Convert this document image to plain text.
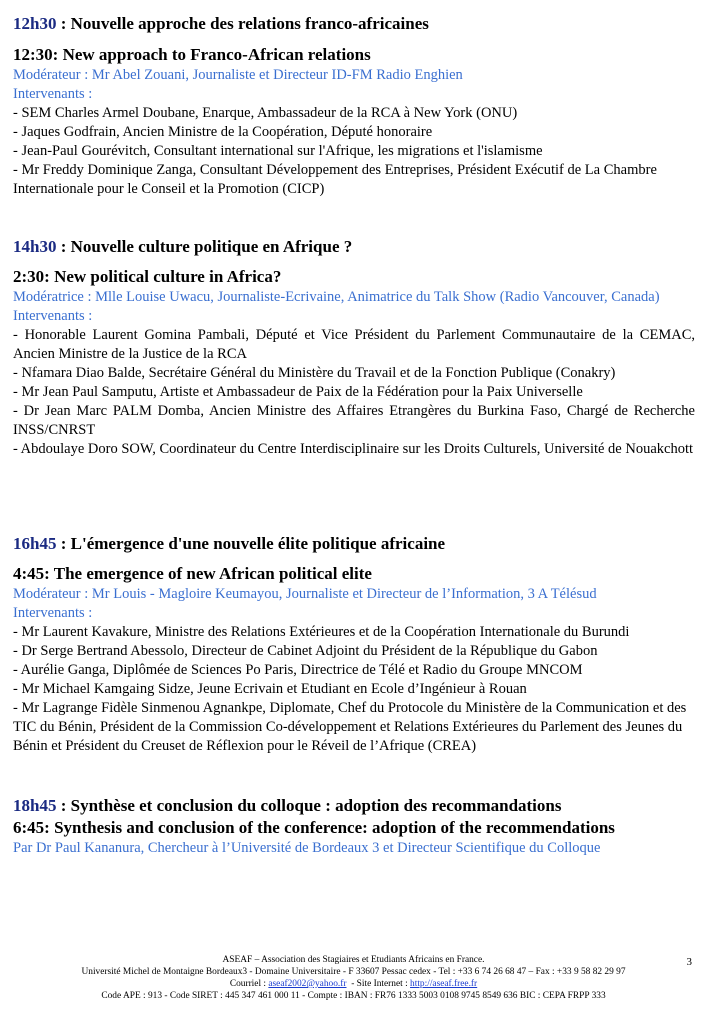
12h30 : Nouvelle approche des relations franco-africaines
12:30: New approach to Franco-African relations
Modérateur : Mr Abel Zouani, Journaliste et Directeur ID-FM Radio Enghien
Intervenants :
- SEM Charles Armel Doubane, Enarque, Ambassadeur de la RCA à New York (ONU)
- Jaques Godfrain, Ancien Ministre de la Coopération, Député honoraire
- Jean-Paul Gourévitch, Consultant international sur l'Afrique, les migrations et l'islamisme
- Mr Freddy Dominique Zanga, Consultant Développement des Entreprises, Président Exécutif de La Chambre Internationale pour le Conseil et la Promotion (CICP)
14h30 : Nouvelle culture politique en Afrique ?
2:30: New political culture in Africa?
Modératrice : Mlle Louise Uwacu, Journaliste-Ecrivaine, Animatrice du Talk Show (Radio Vancouver, Canada)
Intervenants :
- Honorable Laurent Gomina Pambali, Député et Vice Président du Parlement Communautaire de la CEMAC, Ancien Ministre de la Justice de la RCA
- Nfamara Diao Balde, Secrétaire Général du Ministère du Travail et de la Fonction Publique (Conakry)
- Mr Jean Paul Samputu, Artiste et Ambassadeur de Paix de la Fédération pour la Paix Universelle
- Dr Jean Marc PALM Domba, Ancien Ministre des Affaires Etrangères du Burkina Faso, Chargé de Recherche INSS/CNRST
- Abdoulaye Doro SOW, Coordinateur du Centre Interdisciplinaire sur les Droits Culturels, Université de Nouakchott
16h45 : L'émergence d'une nouvelle élite politique africaine
4:45: The emergence of new African political elite
Modérateur : Mr Louis - Magloire Keumayou, Journaliste et Directeur de l’Information, 3 A Télésud
Intervenants :
- Mr Laurent Kavakure, Ministre des Relations Extérieures et de la Coopération Internationale du Burundi
- Dr Serge Bertrand Abessolo, Directeur de Cabinet Adjoint du Président de la République du Gabon
- Aurélie Ganga, Diplômée de Sciences Po Paris, Directrice de Télé et Radio du Groupe MNCOM
- Mr Michael Kamgaing Sidze, Jeune Ecrivain et Etudiant en Ecole d’Ingénieur à Rouan
- Mr Lagrange Fidèle Sinmenou Agnankpe, Diplomate, Chef du Protocole du Ministère de la Communication et des TIC du Bénin, Président de la Commission Co-développement et Relations Extérieures du Parlement des Jeunes du Bénin et Président du Creuset de Réflexion pour le Réveil de l’Afrique (CREA)
18h45 : Synthèse et conclusion du colloque : adoption des recommandations
6:45: Synthesis and conclusion of the conference: adoption of the recommendations
Par Dr Paul Kananura, Chercheur à l’Université de Bordeaux 3 et Directeur Scientifique du Colloque
ASEAF – Association des Stagiaires et Etudiants Africains en France.
Université Michel de Montaigne Bordeaux3 - Domaine Universitaire - F 33607 Pessac cedex - Tel : +33 6 74 26 68 47 – Fax : +33 9 58 82 29 97
Courriel : aseaf2002@yahoo.fr  - Site Internet : http://aseaf.free.fr
Code APE : 913 - Code SIRET : 445 347 461 000 11 - Compte : IBAN : FR76 1333 5003 0108 9745 8549 636 BIC : CEPA FRPP 333
3
